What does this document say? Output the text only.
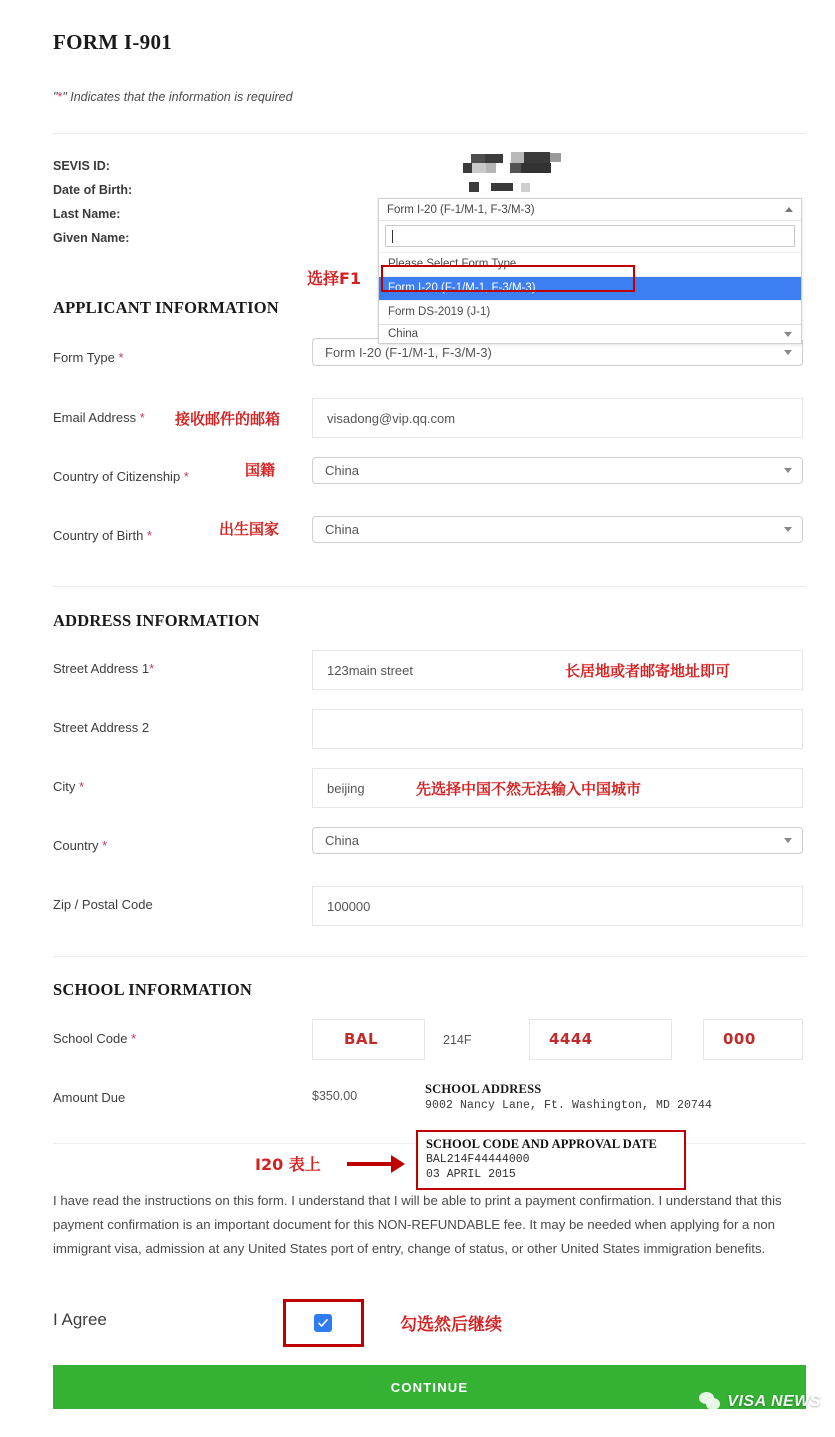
FORM I-901
"*" Indicates that the information is required
SEVIS ID:
Date of Birth:
Last Name:
Given Name:
Form I-20 (F-1/M-1, F-3/M-3)
Please Select Form Type
Form I-20 (F-1/M-1, F-3/M-3)
Form DS-2019 (J-1)
China
选择F1
APPLICANT INFORMATION
Form Type *	Form I-20 (F-1/M-1, F-3/M-3)
Email Address * 接收邮件的邮箱	visadong@vip.qq.com
Country of Citizenship *	国籍	China
Country of Birth *	出生国家	China
ADDRESS INFORMATION
Street Address 1*	123main street	长居地或者邮寄地址即可
Street Address 2
City *	beijing	先选择中国不然无法输入中国城市
Country *	China
Zip / Postal Code	100000
SCHOOL INFORMATION
School Code *	BAL	214F	4444	000
Amount Due	$350.00	SCHOOL ADDRESS
9002 Nancy Lane, Ft. Washington, MD 20744
I20 表上
SCHOOL CODE AND APPROVAL DATE
BAL214F44444000
03 APRIL 2015
I have read the instructions on this form. I understand that I will be able to print a payment confirmation. I understand that this payment confirmation is an important document for this NON-REFUNDABLE fee. It may be needed when applying for a non immigrant visa, admission at any United States port of entry, change of status, or other United States immigration benefits.
I Agree	勾选然后继续
CONTINUE
VISA NEWS
